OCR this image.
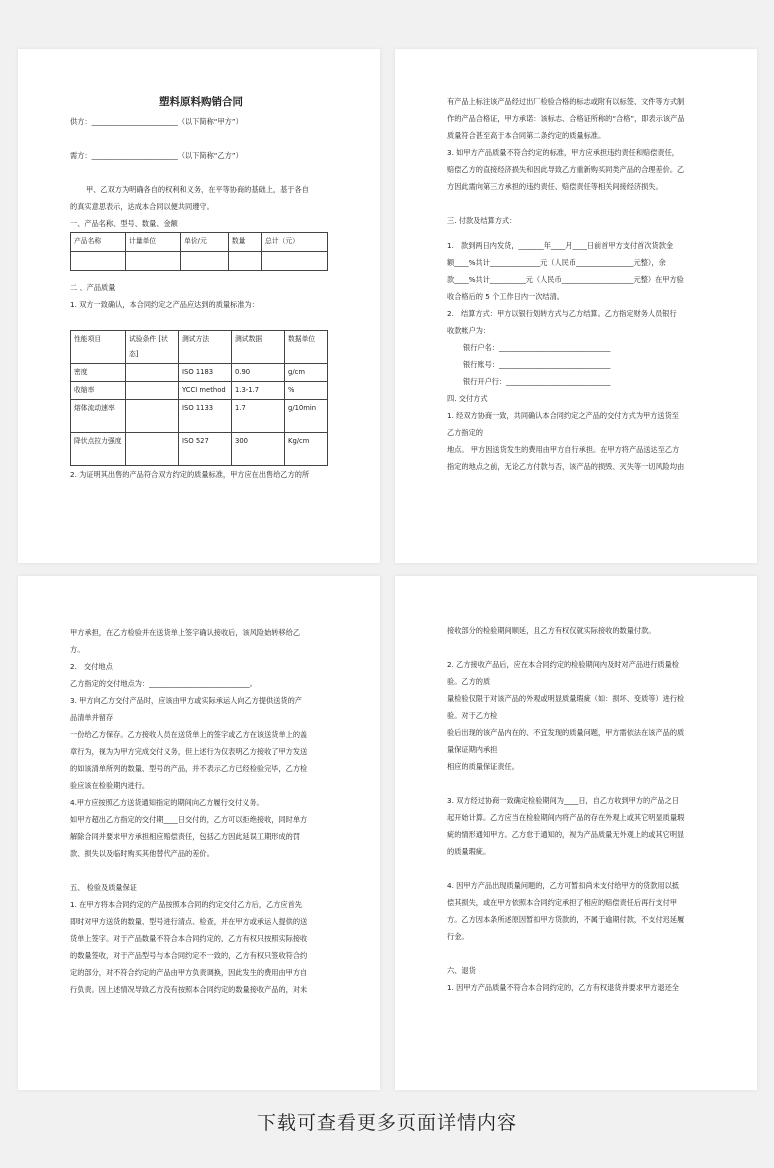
塑料原料购销合同
供方：________________________（以下简称“甲方”）
需方：________________________（以下简称“乙方”）
甲、乙双方为明确各自的权利和义务，在平等协商的基础上，基于各自
的真实意思表示，达成本合同以便共同遵守。
一、产品名称、型号、数量、金额
产品名称	计量单位	单价/元	数量	总计（元）

二 、产品质量
1. 双方一致确认，本合同约定之产品应达到的质量标准为：
性能项目	试验条件 [状态]	测试方法	测试数据	数据单位
密度		ISO 1183	0.90	g/cm
收缩率		YCCI method	1.3-1.7	%
熔体流动速率		ISO 1133	1.7	g/10min
降伏点拉力强度		ISO 527	300	Kg/cm
2. 为证明其出售的产品符合双方约定的质量标准，甲方应在出售给乙方的所
有产品上标注该产品经过出厂检验合格的标志或附有以标签、文件等方式制
作的产品合格证，甲方承诺：该标志、合格证所称的“合格”，即表示该产品
质量符合甚至高于本合同第二条约定的质量标准。
3. 如甲方产品质量不符合约定的标准，甲方应承担违约责任和赔偿责任，
赔偿乙方的直接经济损失和因此导致乙方重新购买同类产品的合理差价。乙
方因此需向第三方承担的违约责任、赔偿责任等相关间接经济损失。
三. 付款及结算方式：
1.　款到两日内发货，_______年____月____日前首甲方支付首次货款金
额____%共计______________元（人民币________________元整），余
款____%共计__________元（人民币____________________元整）在甲方验
收合格后的 5 个工作日内一次结清。
2.　结算方式：甲方以银行划转方式与乙方结算。乙方指定财务人员银行
收款帐户为：
银行户名：_______________________________
银行账号：_______________________________
银行开户行：_____________________________
四. 交付方式
1. 经双方协商一致，共同确认本合同约定之产品的交付方式为甲方送货至
乙方指定的
地点。 甲方因送货发生的费用由甲方自行承担。在甲方将产品送达至乙方
指定的地点之前，无论乙方付款与否，该产品的损毁、灭失等一切风险均由
甲方承担，在乙方检验并在送货单上签字确认接收后，该风险始转移给乙
方。
2.　交付地点
乙方指定的交付地点为：____________________________。
3. 甲方向乙方交付产品时，应该由甲方或实际承运人向乙方提供送货的产
品清单并留存
一份给乙方保存。乙方接收人员在送货单上的签字或乙方在该送货单上的盖
章行为，视为为甲方完成交付义务，但上述行为仅表明乙方接收了甲方发送
的如该清单所列的数量、型号的产品，并不表示乙方已经检验完毕，乙方检
验应该在检验期内进行。
4.甲方应按照乙方送货通知指定的期间向乙方履行交付义务。
如甲方超出乙方指定的交付期____日交付的，乙方可以拒绝接收，同时单方
解除合同并要求甲方承担相应赔偿责任，包括乙方因此延误工期形成的罚
款、损失以及临时购买其他替代产品的差价。
五、 检验及质量保证
1. 在甲方将本合同约定的产品按照本合同的约定交付乙方后，乙方应首先
即时对甲方送货的数量、型号进行清点、检查，并在甲方或承运人提供的送
货单上签字。对于产品数量不符合本合同约定的，乙方有权只按照实际接收
的数量签收，对于产品型号与本合同约定不一致的，乙方有权只签收符合约
定的部分，对不符合约定的产品由甲方负责调换，因此发生的费用由甲方自
行负责。因上述情况导致乙方没有按照本合同约定的数量接收产品的，对未
接收部分的检验期间顺延，且乙方有权仅就实际接收的数量付款。
2. 乙方接收产品后，应在本合同约定的检验期间内及时对产品进行质量检
验。乙方的质
量检验仅限于对该产品的外观或明显质量瑕疵（如：损坏、变质等）进行检
验。对于乙方检
验后出现的该产品内在的、不宜发现的质量问题，甲方需依法在该产品的质
量保证期内承担
相应的质量保证责任。
3. 双方经过协商一致确定检验期间为____日，自乙方收到甲方的产品之日
起开始计算。乙方应当在检验期间内将产品的存在外观上或其它明显质量瑕
疵的情形通知甲方。乙方怠于通知的，视为产品质量无外观上的或其它明显
的质量瑕疵。
4. 因甲方产品出现质量问题的，乙方可暂扣尚未支付给甲方的货款用以抵
偿其损失，或在甲方依照本合同约定承担了相应的赔偿责任后再行支付甲
方。乙方因本条所述原因暂扣甲方货款的，不属于逾期付款，不支付迟延履
行金。
六、退货
1. 因甲方产品质量不符合本合同约定的，乙方有权退货并要求甲方退还全
下载可查看更多页面详情内容
